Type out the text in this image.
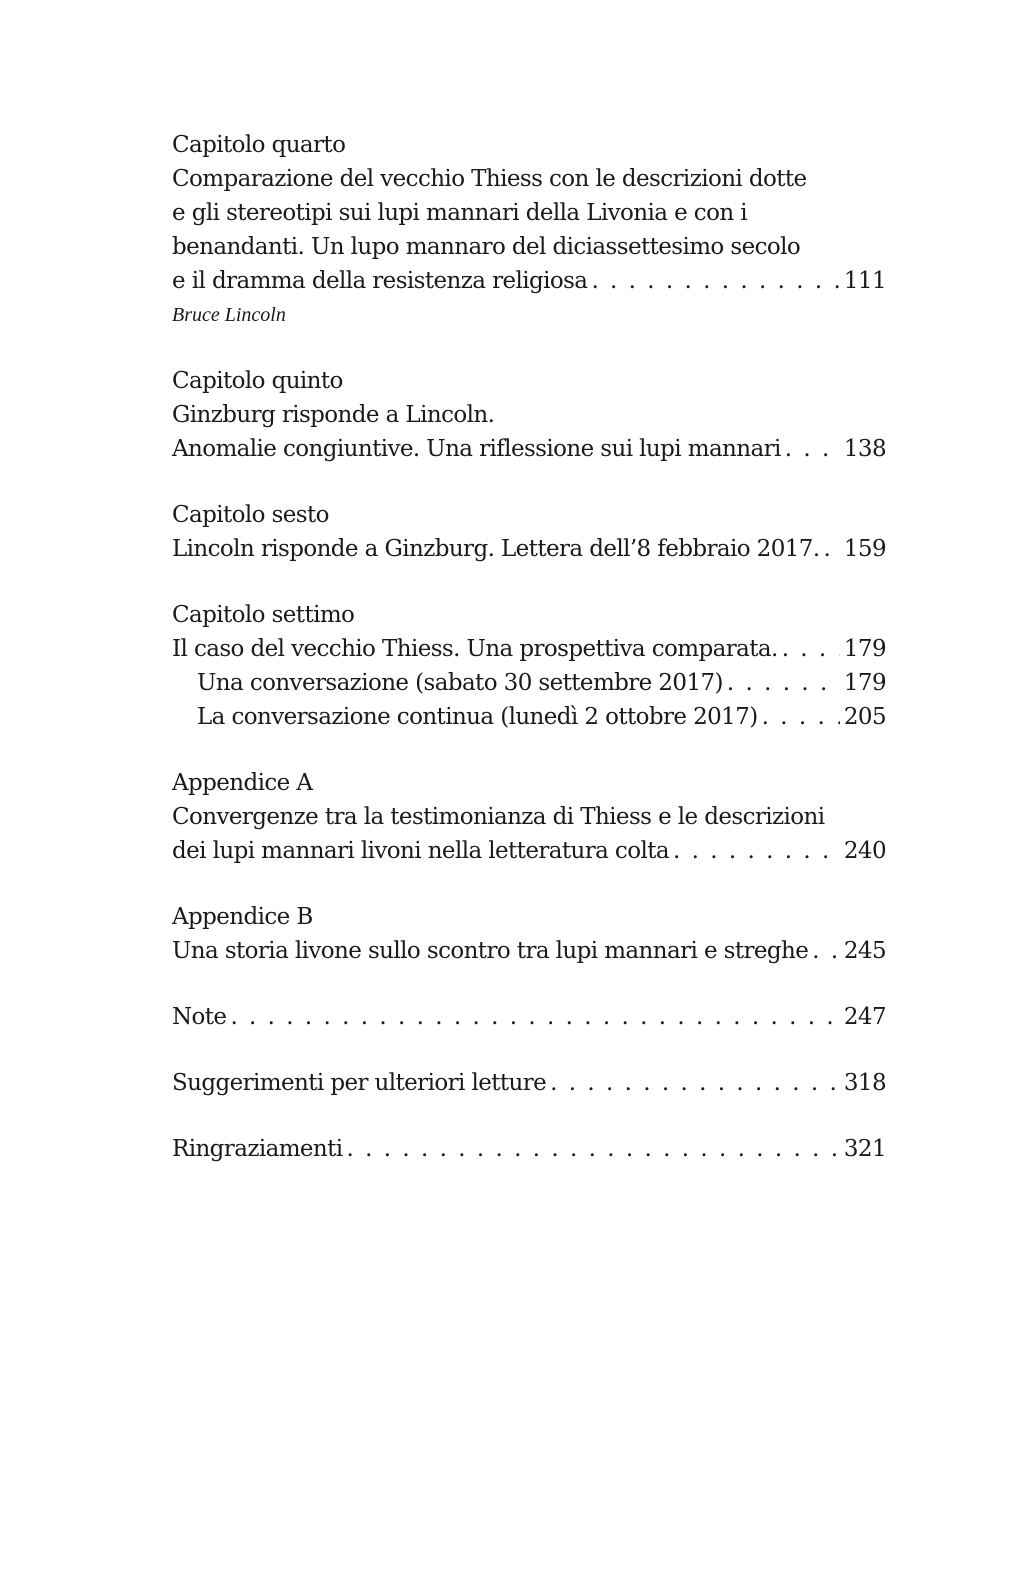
Capitolo quarto
Comparazione del vecchio Thiess con le descrizioni dotte
e gli stereotipi sui lupi mannari della Livonia e con i
benandanti. Un lupo mannaro del diciassettesimo secolo
e il dramma della resistenza religiosa . . .	111
Bruce Lincoln
Capitolo quinto
Ginzburg risponde a Lincoln.
Anomalie congiuntive. Una riflessione sui lupi mannari . . .	138
Capitolo sesto
Lincoln risponde a Ginzburg. Lettera dell’8 febbraio 2017. . . . 159
Capitolo settimo
Il caso del vecchio Thiess. Una prospettiva comparata. . . .	179
Una conversazione (sabato 30 settembre 2017) . . .	179
La conversazione continua (lunedì 2 ottobre 2017) . . .	205
Appendice A
Convergenze tra la testimonianza di Thiess e le descrizioni
dei lupi mannari livoni nella letteratura colta . . .	240
Appendice B
Una storia livone sullo scontro tra lupi mannari e streghe . . . 245
Note . . .	247
Suggerimenti per ulteriori letture . . .	318
Ringraziamenti . . .	321
